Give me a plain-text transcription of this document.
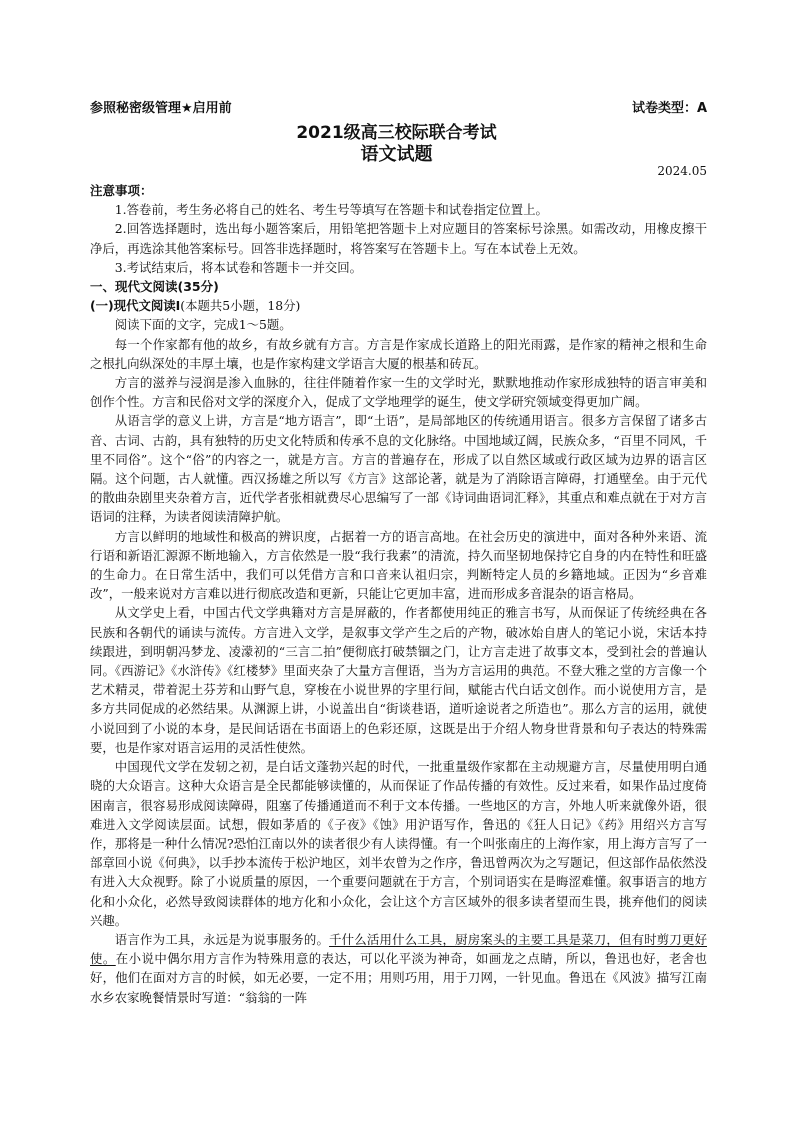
参照秘密级管理★启用前	试卷类型：A
2021级高三校际联合考试
语文试题
2024.05

注意事项：

1.答卷前，考生务必将自己的姓名、考生号等填写在答题卡和试卷指定位置上。

2.回答选择题时，选出每小题答案后，用铅笔把答题卡上对应题目的答案标号涂黑。如需改动，用橡皮擦干净后，再选涂其他答案标号。回答非选择题时，将答案写在答题卡上。写在本试卷上无效。

3.考试结束后，将本试卷和答题卡一并交回。

一、现代文阅读(35分)

(一)现代文阅读Ⅰ(本题共5小题，18分)

阅读下面的文字，完成1～5题。

每一个作家都有他的故乡，有故乡就有方言。方言是作家成长道路上的阳光雨露，是作家的精神之根和生命之根扎向纵深处的丰厚土壤，也是作家构建文学语言大厦的根基和砖瓦。

方言的滋养与浸润是渗入血脉的，往往伴随着作家一生的文学时光，默默地推动作家形成独特的语言审美和创作个性。方言和民俗对文学的深度介入，促成了文学地理学的诞生，使文学研究领域变得更加广阔。

从语言学的意义上讲，方言是“地方语言”，即“土语”，是局部地区的传统通用语言。很多方言保留了诸多古音、古词、古韵，具有独特的历史文化特质和传承不息的文化脉络。中国地域辽阔，民族众多，“百里不同风，千里不同俗”。这个“俗”的内容之一，就是方言。方言的普遍存在，形成了以自然区域或行政区域为边界的语言区隔。这个问题，古人就懂。西汉扬雄之所以写《方言》这部论著，就是为了消除语言障碍，打通壁垒。由于元代的散曲杂剧里夹杂着方言，近代学者张相就费尽心思编写了一部《诗词曲语词汇释》，其重点和难点就在于对方言语词的注释，为读者阅读清障护航。

方言以鲜明的地域性和极高的辨识度，占据着一方的语言高地。在社会历史的演进中，面对各种外来语、流行语和新语汇源源不断地输入，方言依然是一股“我行我素”的清流，持久而坚韧地保持它自身的内在特性和旺盛的生命力。在日常生活中，我们可以凭借方言和口音来认祖归宗，判断特定人员的乡籍地域。正因为“乡音难改”，一般来说对方言难以进行彻底改造和更新，只能让它更加丰富，进而形成多音混杂的语言格局。

从文学史上看，中国古代文学典籍对方言是屏蔽的，作者都使用纯正的雅言书写，从而保证了传统经典在各民族和各朝代的诵读与流传。方言进入文学，是叙事文学产生之后的产物，破冰始自唐人的笔记小说，宋话本持续跟进，到明朝冯梦龙、凌濛初的“三言二拍”便彻底打破禁锢之门，让方言走进了故事文本，受到社会的普遍认同。《西游记》《水浒传》《红楼梦》里面夹杂了大量方言俚语，当为方言运用的典范。不登大雅之堂的方言像一个艺术精灵，带着泥土芬芳和山野气息，穿梭在小说世界的字里行间，赋能古代白话文创作。而小说使用方言，是多方共同促成的必然结果。从渊源上讲，小说盖出自“街谈巷语，道听途说者之所造也”。那么方言的运用，就使小说回到了小说的本身，是民间话语在书面语上的色彩还原，这既是出于介绍人物身世背景和句子表达的特殊需要，也是作家对语言运用的灵活性使然。

中国现代文学在发轫之初，是白话文蓬勃兴起的时代，一批重量级作家都在主动规避方言，尽量使用明白通晓的大众语言。这种大众语言是全民都能够读懂的，从而保证了作品传播的有效性。反过来看，如果作品过度倚困南言，很容易形成阅读障碍，阻塞了传播通道而不利于文本传播。一些地区的方言，外地人听来就像外语，很难进入文学阅读层面。试想，假如茅盾的《子夜》《蚀》用沪语写作，鲁迅的《狂人日记》《药》用绍兴方言写作，那将是一种什么情况?恐怕江南以外的读者很少有人读得懂。有一个叫张南庄的上海作家，用上海方言写了一部章回小说《何典》，以手抄本流传于松沪地区，刘半农曾为之作序，鲁迅曾两次为之写题记，但这部作品依然没有进入大众视野。除了小说质量的原因，一个重要问题就在于方言，个别词语实在是晦涩难懂。叙事语言的地方化和小众化，必然导致阅读群体的地方化和小众化，会让这个方言区域外的很多读者望而生畏，挑弃他们的阅读兴趣。

语言作为工具，永远是为说事服务的。千什么活用什么工具，厨房案头的主要工具是菜刀，但有时剪刀更好使。在小说中偶尔用方言作为特殊用意的表达，可以化平淡为神奇，如画龙之点睛，所以，鲁迅也好，老舍也好，他们在面对方言的时候，如无必要，一定不用；用则巧用，用于刀网，一针见血。鲁迅在《风波》描写江南水乡农家晚餐情景时写道：“翁翁的一阵
